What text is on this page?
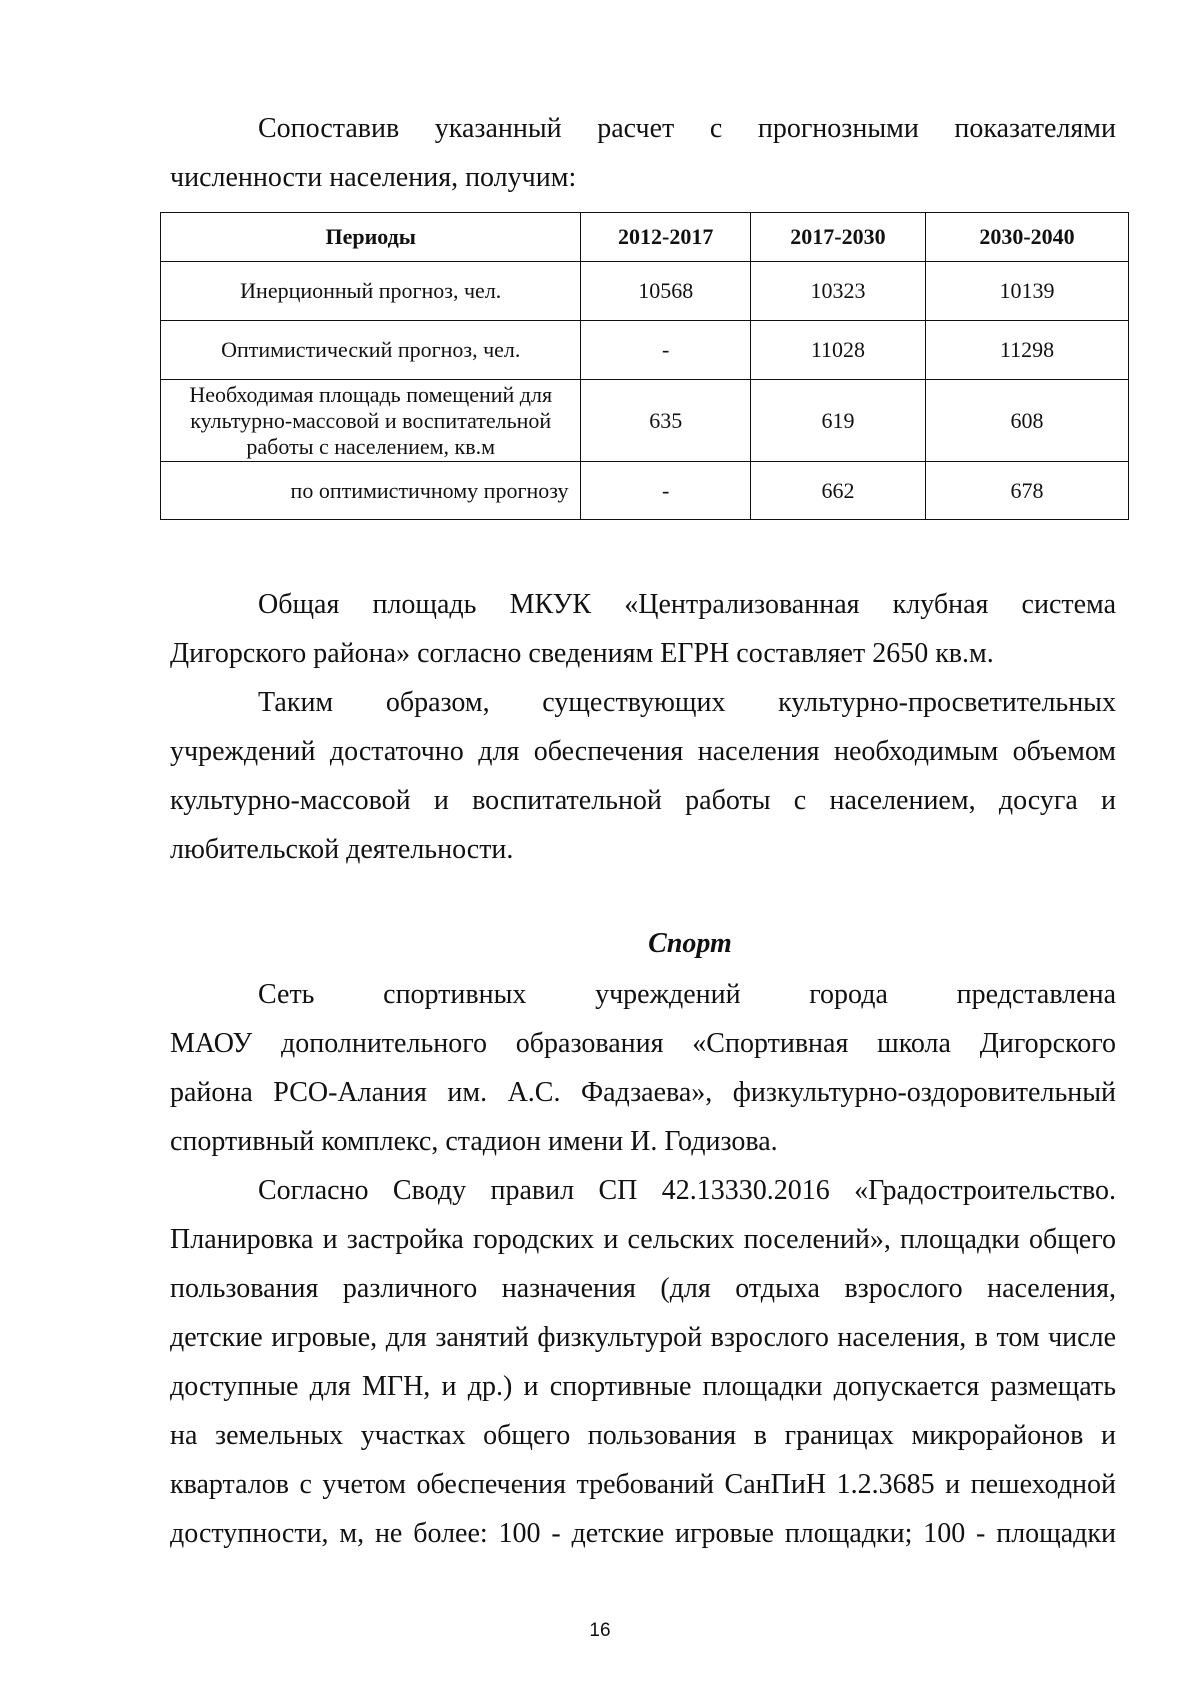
Сопоставив указанный расчет с прогнозными показателями
численности населения, получим:
Периоды	2012-2017	2017-2030	2030-2040
Инерционный прогноз, чел.	10568	10323	10139
Оптимистический прогноз, чел.	-	11028	11298
Необходимая площадь помещений для
культурно-массовой и воспитательной
работы с населением, кв.м	635	619	608
по оптимистичному прогнозу	-	662	678
Общая площадь МКУК «Централизованная клубная система
Дигорского района» согласно сведениям ЕГРН составляет 2650 кв.м.
Таким образом, существующих культурно-просветительных
учреждений достаточно для обеспечения населения необходимым объемом
культурно-массовой и воспитательной работы с населением, досуга и
любительской деятельности.
Спорт
Сеть спортивных учреждений города представлена
МАОУ дополнительного образования «Спортивная школа Дигорского
района РСО-Алания им. А.С. Фадзаева», физкультурно-оздоровительный
спортивный комплекс, стадион имени И. Годизова.
Согласно Своду правил СП 42.13330.2016 «Градостроительство.
Планировка и застройка городских и сельских поселений», площадки общего
пользования различного назначения (для отдыха взрослого населения,
детские игровые, для занятий физкультурой взрослого населения, в том числе
доступные для МГН, и др.) и спортивные площадки допускается размещать
на земельных участках общего пользования в границах микрорайонов и
кварталов с учетом обеспечения требований СанПиН 1.2.3685 и пешеходной
доступности, м, не более: 100 - детские игровые площадки; 100 - площадки
16
